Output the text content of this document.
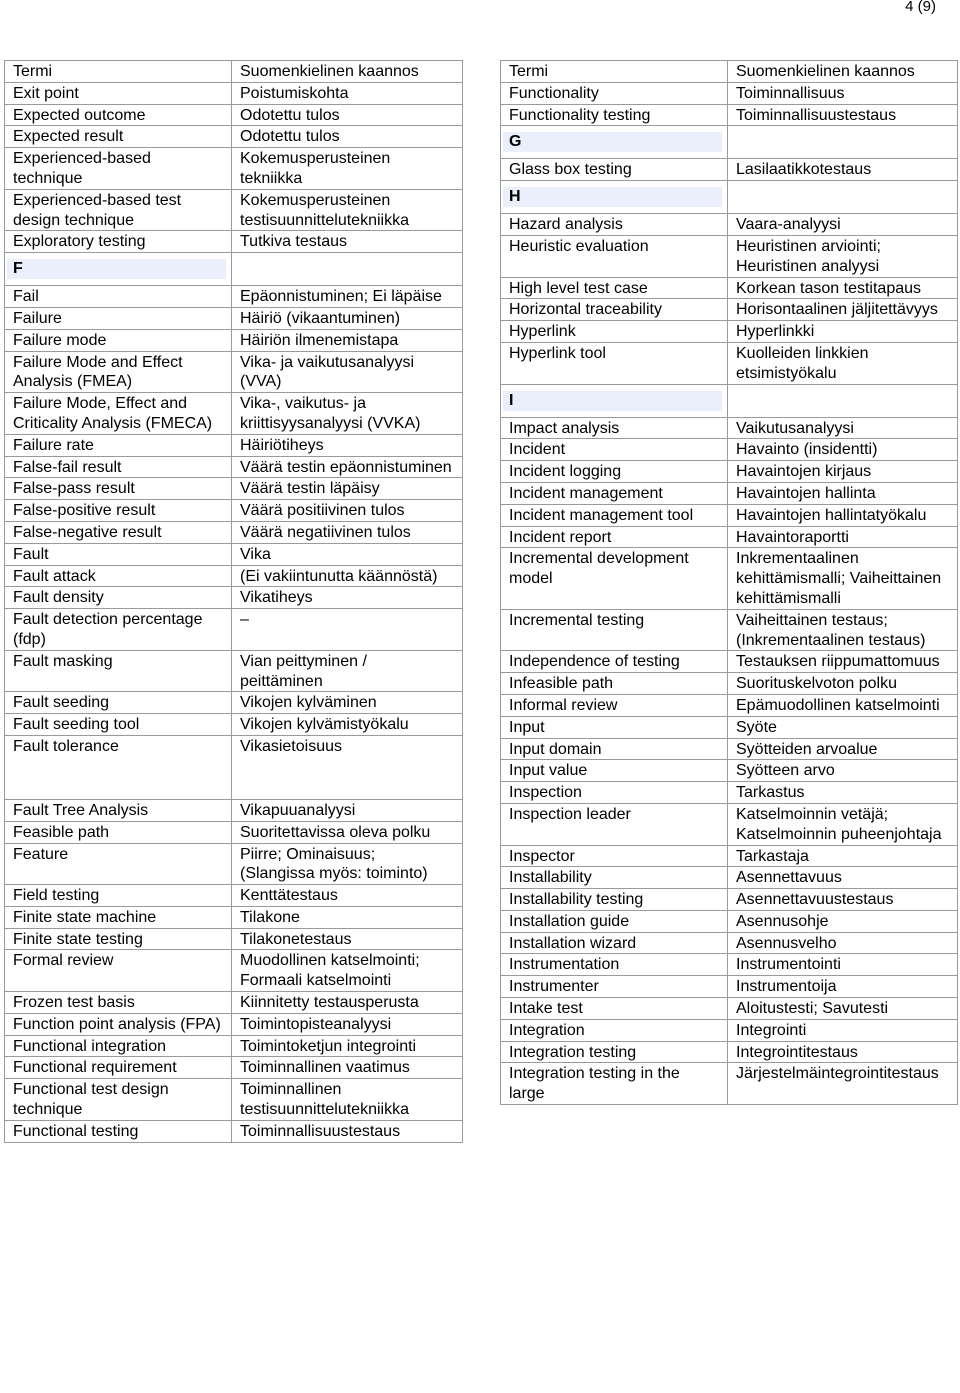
4 (9)
Termi	Suomenkielinen kaannos
Exit point	Poistumiskohta
Expected outcome	Odotettu tulos
Expected result	Odotettu tulos
Experienced-based technique	Kokemusperusteinen tekniikka
Experienced-based test design technique	Kokemusperusteinen testisuunnittelutekniikka
Exploratory testing	Tutkiva testaus

F	

Fail	Epäonnistuminen; Ei läpäise
Failure	Häiriö (vikaantuminen)
Failure mode	Häiriön ilmenemistapa
Failure Mode and Effect Analysis (FMEA)	Vika- ja vaikutusanalyysi (VVA)
Failure Mode, Effect and Criticality Analysis (FMECA)	Vika-, vaikutus- ja kriittisyysanalyysi (VVKA)
Failure rate	Häiriötiheys
False-fail result	Väärä testin epäonnistuminen
False-pass result	Väärä testin läpäisy
False-positive result	Väärä positiivinen tulos
False-negative result	Väärä negatiivinen tulos
Fault	Vika
Fault attack	(Ei vakiintunutta käännöstä)
Fault density	Vikatiheys
Fault detection percentage (fdp)	–
Fault masking	Vian peittyminen / peittäminen
Fault seeding	Vikojen kylväminen
Fault seeding tool	Vikojen kylvämistyökalu
Fault tolerance	Vikasietoisuus
Fault Tree Analysis	Vikapuuanalyysi
Feasible path	Suoritettavissa oleva polku
Feature	Piirre; Ominaisuus; (Slangissa myös: toiminto)
Field testing	Kenttätestaus
Finite state machine	Tilakone
Finite state testing	Tilakonetestaus
Formal review	Muodollinen katselmointi; Formaali katselmointi
Frozen test basis	Kiinnitetty testausperusta
Function point analysis (FPA)	Toimintopisteanalyysi
Functional integration	Toimintoketjun integrointi
Functional requirement	Toiminnallinen vaatimus
Functional test design technique	Toiminnallinen testisuunnittelutekniikka
Functional testing	Toiminnallisuustestaus
Termi	Suomenkielinen kaannos
Functionality	Toiminnallisuus
Functionality testing	Toiminnallisuustestaus

G	

Glass box testing	Lasilaatikkotestaus

H	

Hazard analysis	Vaara-analyysi
Heuristic evaluation	Heuristinen arviointi; Heuristinen analyysi
High level test case	Korkean tason testitapaus
Horizontal traceability	Horisontaalinen jäljitettävyys
Hyperlink	Hyperlinkki
Hyperlink tool	Kuolleiden linkkien etsimistyökalu

I	

Impact analysis	Vaikutusanalyysi
Incident	Havainto (insidentti)
Incident logging	Havaintojen kirjaus
Incident management	Havaintojen hallinta
Incident management tool	Havaintojen hallintatyökalu
Incident report	Havaintoraportti
Incremental development model	Inkrementaalinen kehittämismalli; Vaiheittainen kehittämismalli
Incremental testing	Vaiheittainen testaus; (Inkrementaalinen testaus)
Independence of testing	Testauksen riippumattomuus
Infeasible path	Suorituskelvoton polku
Informal review	Epämuodollinen katselmointi
Input	Syöte
Input domain	Syötteiden arvoalue
Input value	Syötteen arvo
Inspection	Tarkastus
Inspection leader	Katselmoinnin vetäjä; Katselmoinnin puheenjohtaja
Inspector	Tarkastaja
Installability	Asennettavuus
Installability testing	Asennettavuustestaus
Installation guide	Asennusohje
Installation wizard	Asennusvelho
Instrumentation	Instrumentointi
Instrumenter	Instrumentoija
Intake test	Aloitustesti; Savutesti
Integration	Integrointi
Integration testing	Integrointitestaus
Integration testing in the large	Järjestelmäintegrointitestaus
